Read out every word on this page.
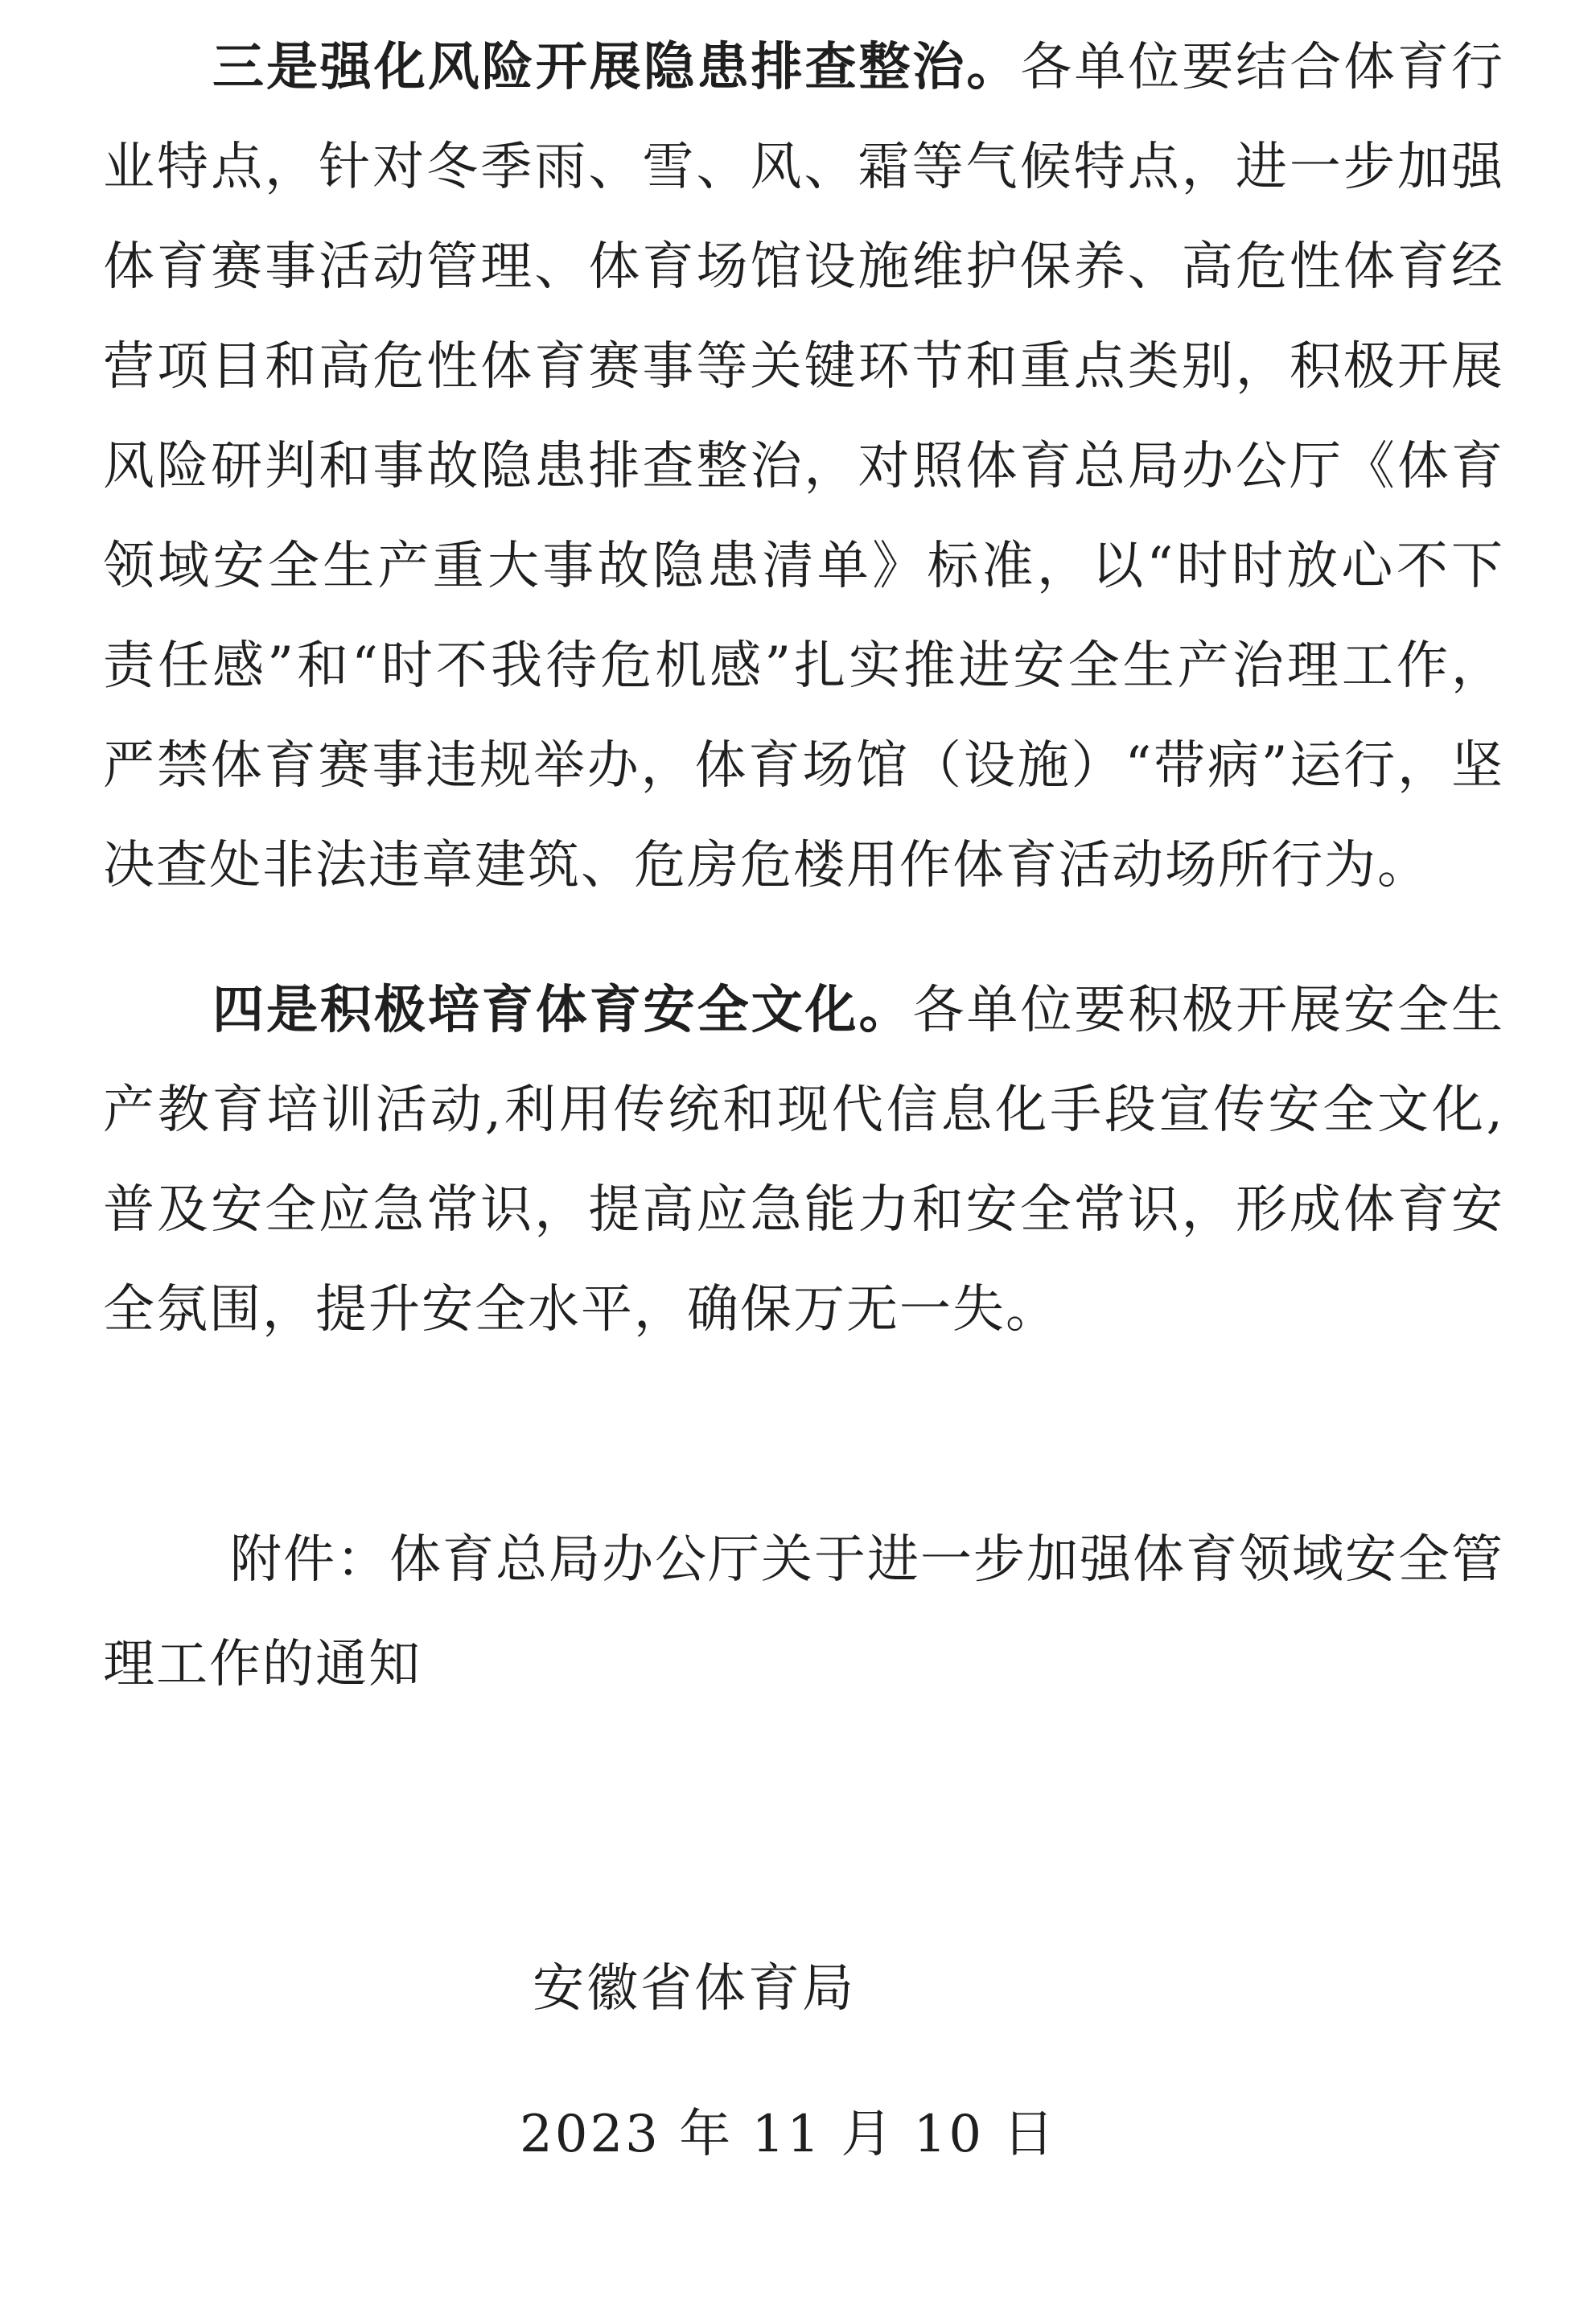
三是强化风险开展隐患排查整治。各单位要结合体育行业特点，针对冬季雨、雪、风、霜等气候特点，进一步加强体育赛事活动管理、体育场馆设施维护保养、高危性体育经营项目和高危性体育赛事等关键环节和重点类别，积极开展风险研判和事故隐患排查整治，对照体育总局办公厅《体育领域安全生产重大事故隐患清单》标准，以“时时放心不下责任感”和“时不我待危机感”扎实推进安全生产治理工作，严禁体育赛事违规举办，体育场馆（设施）“带病”运行，坚决查处非法违章建筑、危房危楼用作体育活动场所行为。

四是积极培育体育安全文化。各单位要积极开展安全生产教育培训活动,利用传统和现代信息化手段宣传安全文化,普及安全应急常识，提高应急能力和安全常识，形成体育安全氛围，提升安全水平，确保万无一失。

附件：体育总局办公厅关于进一步加强体育领域安全管理工作的通知

安徽省体育局
2023 年 11 月 10 日
